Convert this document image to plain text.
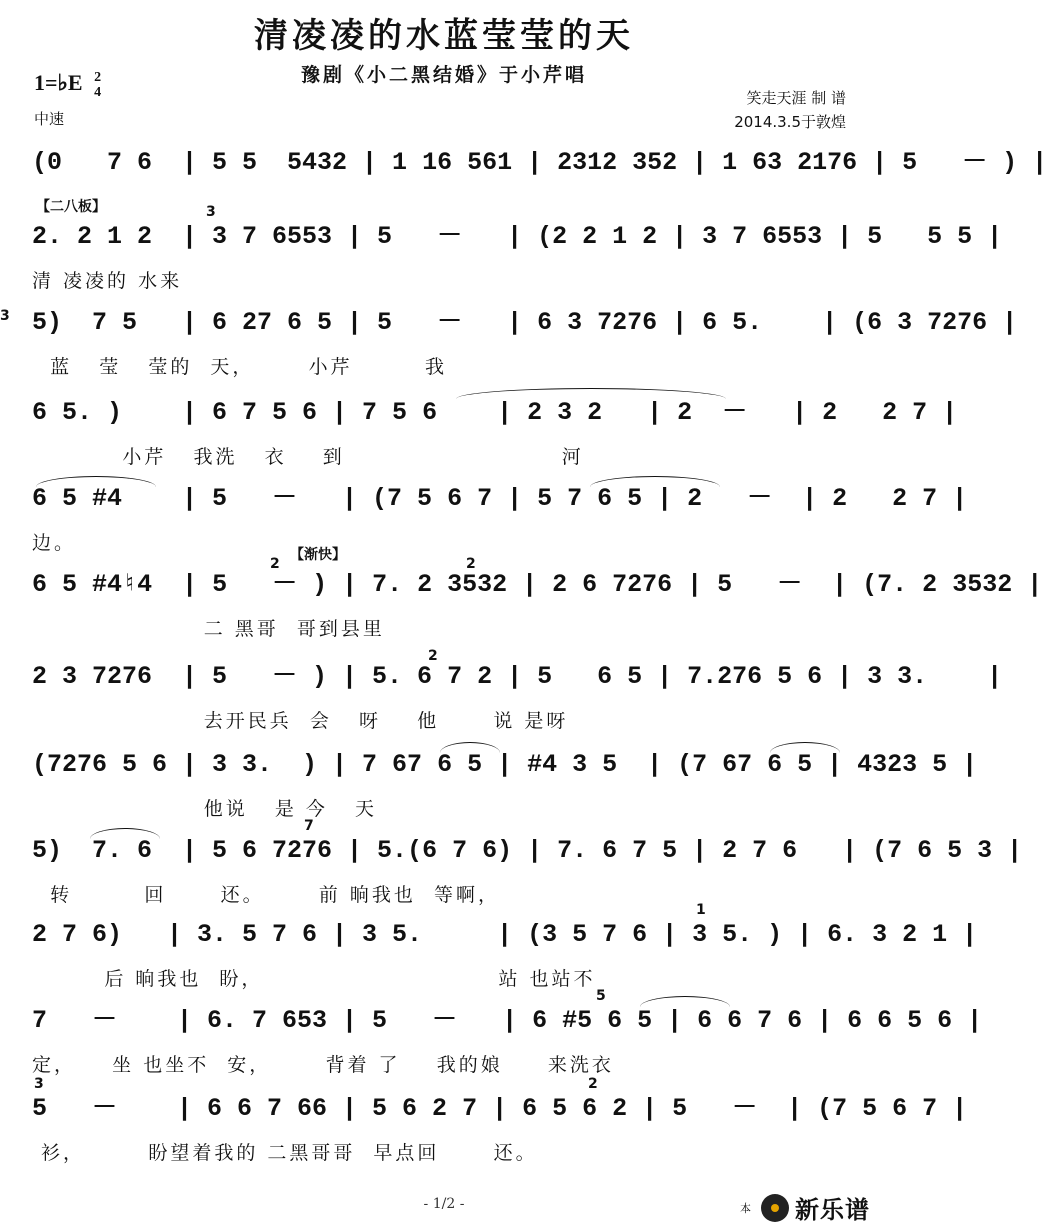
清凌凌的水蓝莹莹的天
豫剧《小二黑结婚》于小芹唱
1=♭E 2
4
中速
笑走天涯 制 谱
2014.3.5于敦煌
(0   7 6  | 5 5  5432 | 1 16 561 | 2312 352 | 1 63 2176 | 5   － ) |
【二八板】	3
2. 2 1 2  | 3 7 6553 | 5   －   | (2 2 1 2 | 3 7 6553 | 5   5 5 |
清 凌凌的 水来
3 5)  7 5   | 6 27 6 5 | 5   －   | 6 3 7276 | 6 5.    | (6 3 7276 |
蓝   莹   莹的  天，      小芹        我
6 5. )    | 6 7 5 6 | 7 5 6    | 2 3 2   | 2  －   | 2   2 7 |
小芹   我洗   衣    到                        河
6 5 #4    | 5   －   | (7 5 6 7 | 5 7 6 5 | 2   －  | 2   2 7 |
边。
【渐快】
2	2
6 5 #4♮4  | 5   － ) | 7. 2 3532 | 2 6 7276 | 5   －  | (7. 2 3532 |
二 黑哥  哥到县里
2
2 3 7276  | 5   － ) | 5. 6 7 2 | 5   6 5 | 7.276 5 6 | 3 3.    |
去开民兵  会   呀    他      说 是呀
(7276 5 6 | 3 3.  ) | 7 67 6 5 | #4 3 5  | (7 67 6 5 | 4323 5 |
他说   是 今   天
7
5)  7. 6  | 5 6 7276 | 5.(6 7 6) | 7. 6 7 5 | 2 7 6   | (7 6 5 3 |
转        回      还。      前 晌我也  等啊，
1
2 7 6)   | 3. 5 7 6 | 3 5.     | (3 5 7 6 | 3 5. ) | 6. 3 2 1 |
后 晌我也  盼，                          站 也站不
5
7   －    | 6. 7 653 | 5   －   | 6 #5 6 5 | 6 6 7 6 | 6 6 5 6 |
定，    坐 也坐不  安，      背着 了    我的娘     来洗衣
3	2
5   －    | 6 6 7 66 | 5 6 2 7 | 6 5 6 2 | 5   －  | (7 5 6 7 |
衫，       盼望着我的 二黑哥哥  早点回      还。
- 1/2 -	本 新乐谱
